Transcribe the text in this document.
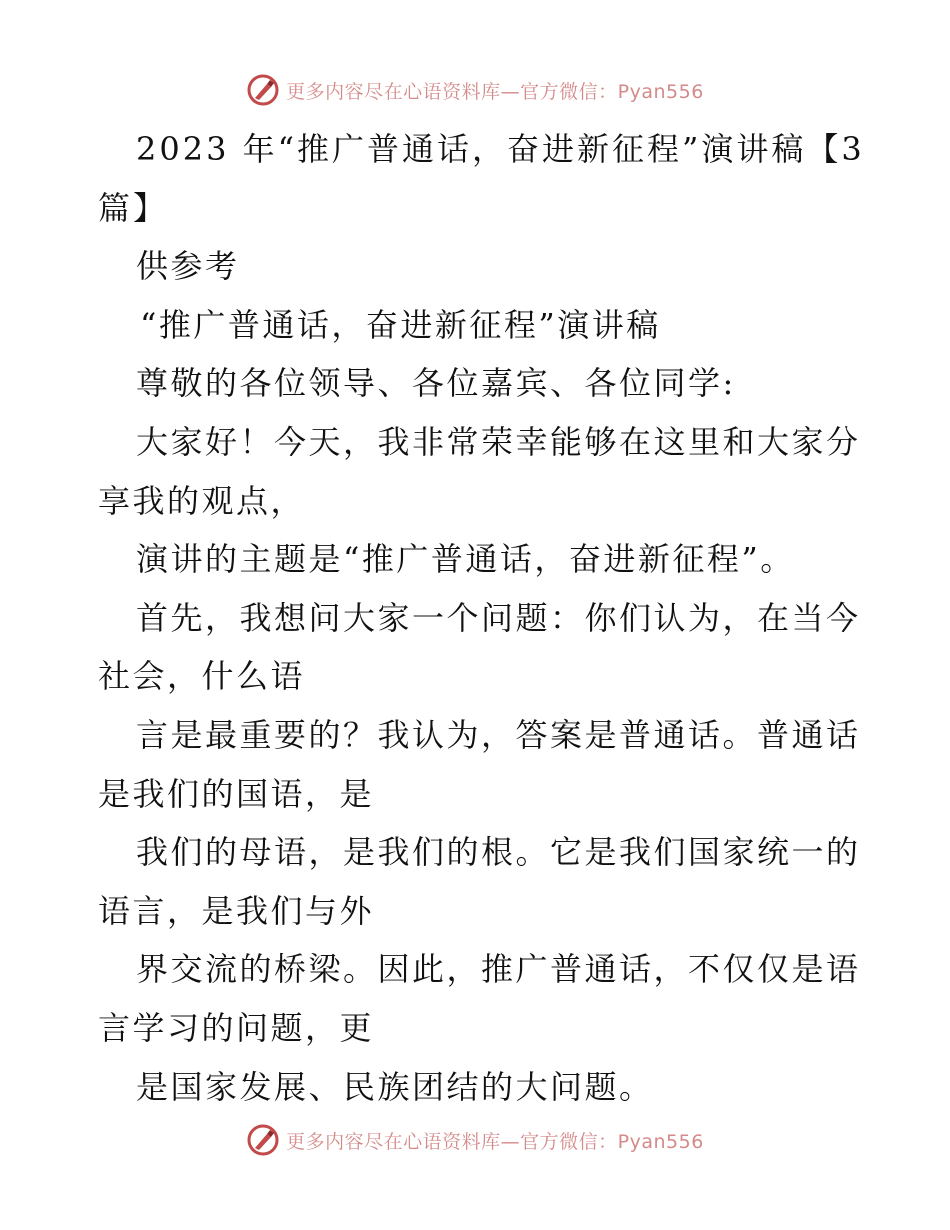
更多内容尽在心语资料库—官方微信：Pyan556
2023 年“推广普通话，奋进新征程”演讲稿【3
篇】
供参考
“推广普通话，奋进新征程”演讲稿
尊敬的各位领导、各位嘉宾、各位同学:
大家好！今天，我非常荣幸能够在这里和大家分
享我的观点，
演讲的主题是“推广普通话，奋进新征程”。
首先，我想问大家一个问题：你们认为，在当今
社会，什么语
言是最重要的？我认为，答案是普通话。普通话
是我们的国语，是
我们的母语，是我们的根。它是我们国家统一的
语言，是我们与外
界交流的桥梁。因此，推广普通话，不仅仅是语
言学习的问题，更
是国家发展、民族团结的大问题。
更多内容尽在心语资料库—官方微信：Pyan556
